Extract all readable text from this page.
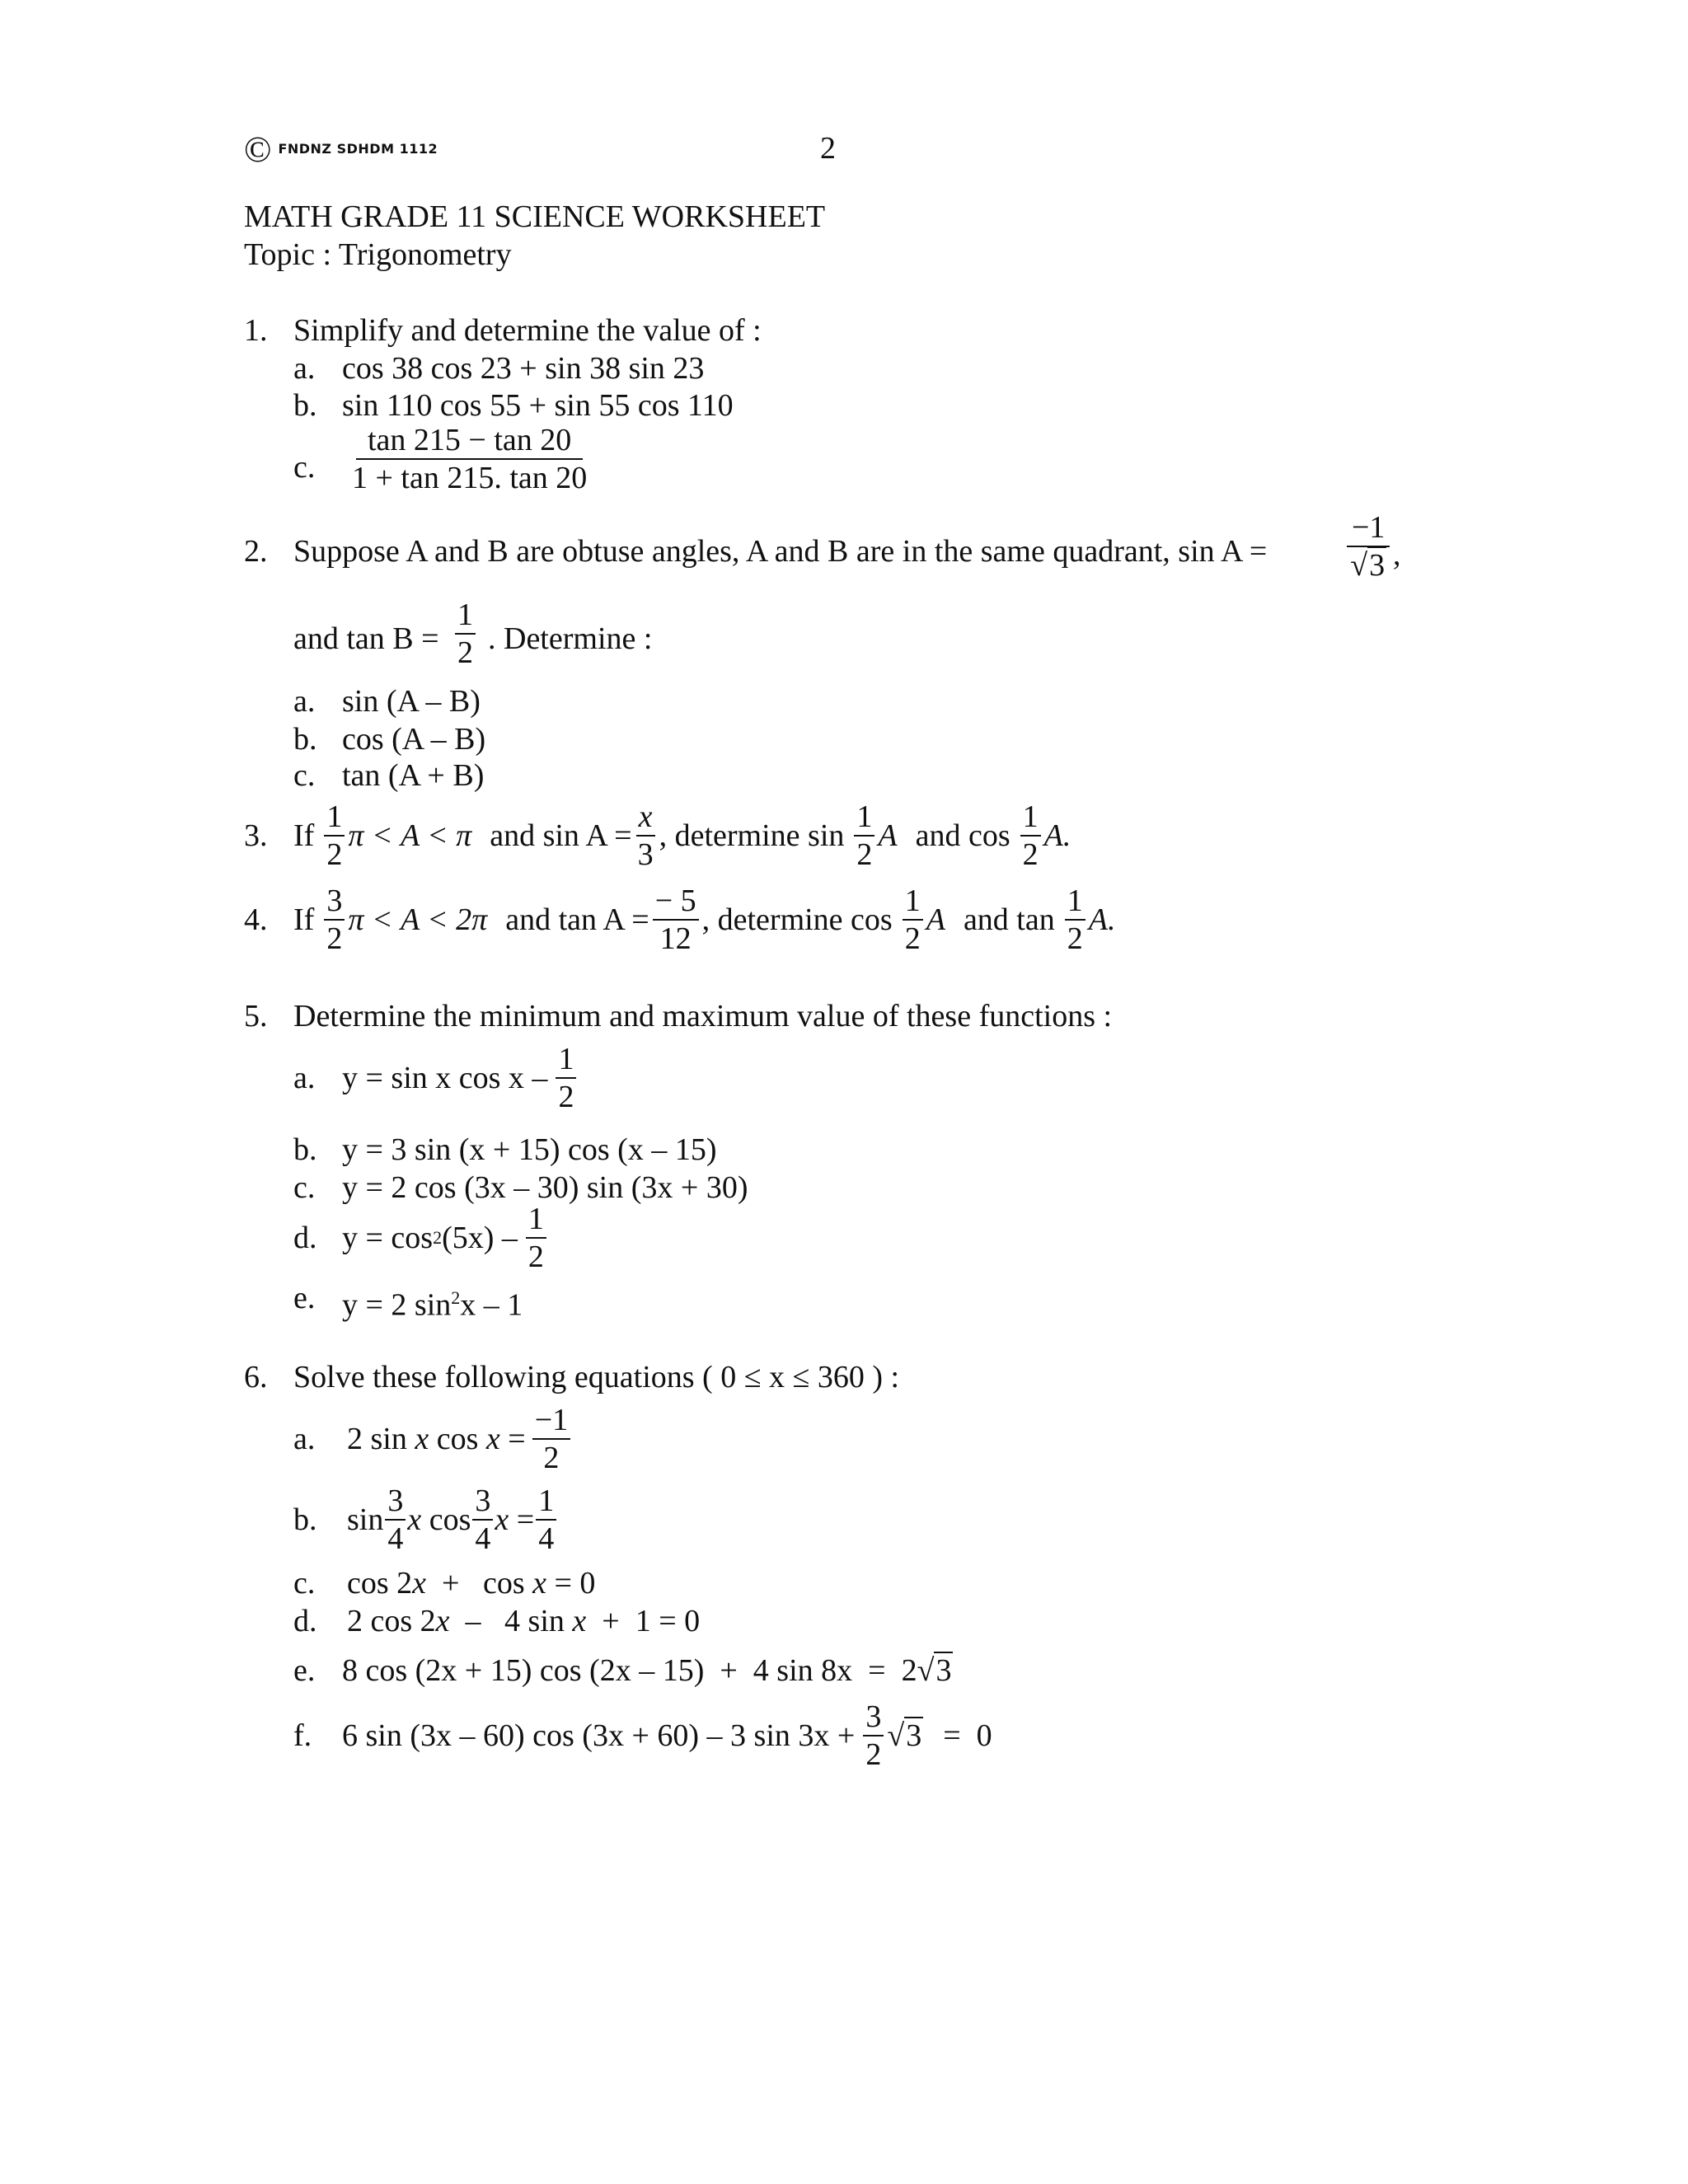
© FNDNZ SDHDM 1112	2
MATH GRADE 11 SCIENCE WORKSHEET
Topic : Trigonometry
1. Simplify and determine the value of :
a. cos 38 cos 23 + sin 38 sin 23
b. sin 110 cos 55 + sin 55 cos 110
c. $\frac{\tan 215 - \tan 20}{1 + \tan 215. \tan 20}$
2. Suppose A and B are obtuse angles, A and B are in the same quadrant, sin A =	$\frac{-1}{√3}$ ,
and $\tan B = \frac{1}{2}$ . Determine :
a. sin (A – B)
b. cos (A – B)
c. tan (A + B)
3. If $\frac{1}{2}$ π < A < π and $\sin A = \frac{x}{3}$ , determine $\sin \frac{1}{2}$ A and $\cos \frac{1}{2} A$.
4. If $\frac{3}{2}$ π < A < 2π and $\tan A = \frac{- 5}{12}$ , determine $\cos \frac{1}{2}$ A and $\tan \frac{1}{2} A$.
5. Determine the minimum and maximum value of these functions :
a. y = sin x cos x – $\frac{1}{2}$
b. y = 3 sin (x + 15) cos (x – 15)
c. y = 2 cos (3x – 30) sin (3x + 30)
d. y = cos 2 $(5x) - \frac{1}{2}$
e. y = 2 $\sin^2x - 1$
6. Solve these following equations ( 0 ≤ x ≤ 360 ) :
a.	2 sin
x
cos
x
= $\frac{-1}{2}$
b. $\sin \frac{3}{4}$ x
$\cos \frac{3}{4}$ x
= $\frac{1}{4}$
c. cos 2x  +   cos x = 0
d. 2 cos 2x  –   4 sin x  +  1 = 0
e. 8 cos (2x + 15) cos (2x – 15)  +  4 sin 8x  =  2√3
f. 6 sin (3x – 60) cos (3x + 60) – 3 $\sin 3x + \frac{3}{2}$ √ 3 =  0
